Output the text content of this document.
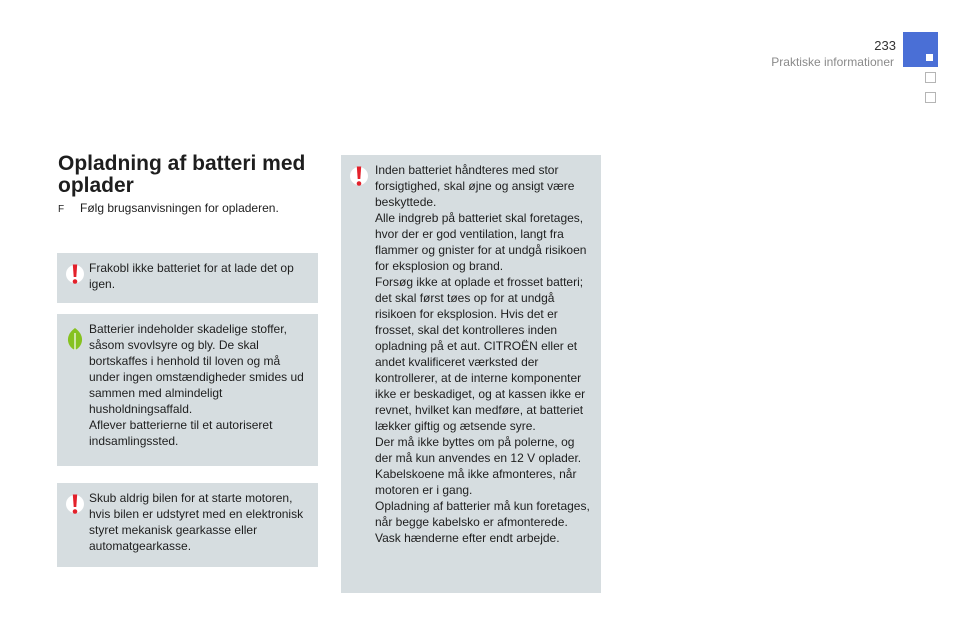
233
Praktiske informationer
Opladning af batteri med oplader
F Følg brugsanvisningen for opladeren.

Frakobl ikke batteriet for at lade det op igen.

Batterier indeholder skadelige stoffer, såsom svovlsyre og bly. De skal bortskaffes i henhold til loven og må under ingen omstændigheder smides ud sammen med almindeligt husholdningsaffald.
Aflever batterierne til et autoriseret indsamlingssted.

Skub aldrig bilen for at starte motoren, hvis bilen er udstyret med en elektronisk styret mekanisk gearkasse eller automatgearkasse.

Inden batteriet håndteres med stor forsigtighed, skal øjne og ansigt være beskyttede.
Alle indgreb på batteriet skal foretages, hvor der er god ventilation, langt fra flammer og gnister for at undgå risikoen for eksplosion og brand.
Forsøg ikke at oplade et frosset batteri; det skal først tøes op for at undgå risikoen for eksplosion. Hvis det er frosset, skal det kontrolleres inden opladning på et aut. CITROËN eller et andet kvalificeret værksted der kontrollerer, at de interne komponenter ikke er beskadiget, og at kassen ikke er revnet, hvilket kan medføre, at batteriet lækker giftig og ætsende syre.
Der må ikke byttes om på polerne, og der må kun anvendes en 12 V oplader.
Kabelskoene må ikke afmonteres, når motoren er i gang.
Opladning af batterier må kun foretages, når begge kabelsko er afmonterede.
Vask hænderne efter endt arbejde.
